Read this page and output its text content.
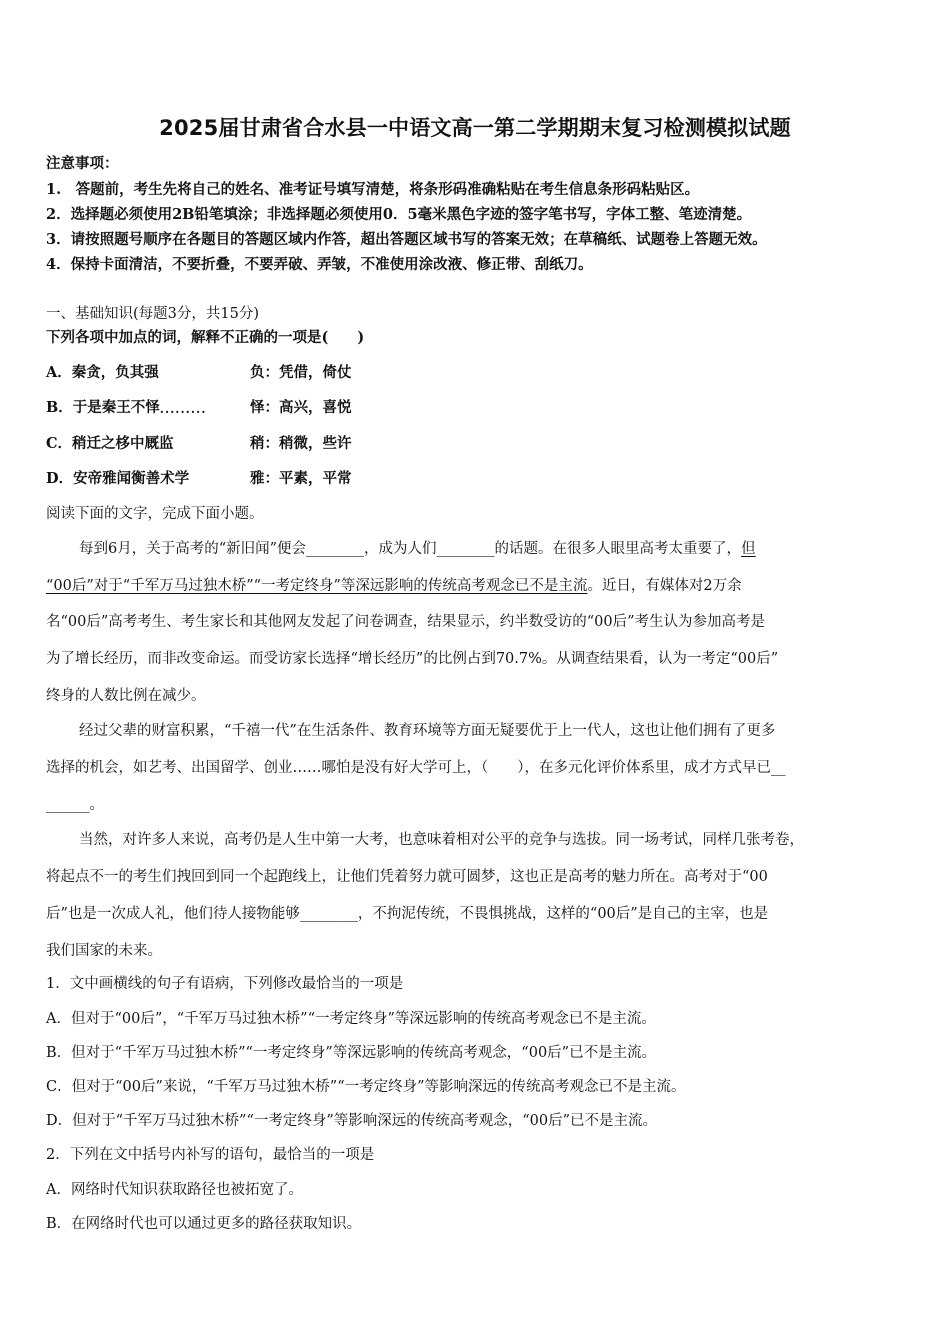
2025届甘肃省合水县一中语文高一第二学期期末复习检测模拟试题
注意事项：
1.　答题前，考生先将自己的姓名、准考证号填写清楚，将条形码准确粘贴在考生信息条形码粘贴区。
2．选择题必须使用2B铅笔填涂；非选择题必须使用0．5毫米黑色字迹的签字笔书写，字体工整、笔迹清楚。
3．请按照题号顺序在各题目的答题区域内作答，超出答题区域书写的答案无效；在草稿纸、试题卷上答题无效。
4．保持卡面清洁，不要折叠，不要弄破、弄皱，不准使用涂改液、修正带、刮纸刀。
一、基础知识(每题3分，共15分)
下列各项中加点的词，解释不正确的一项是(　　)
A．秦贪，负其强	负：凭借，倚仗
B．于是秦王不怿$_{\cdot\cdot\cdot\cdot\cdot\cdot\cdot\cdot\cdot}$	怿：高兴，喜悦
C．稍迁之栘中厩监	稍：稍微，些许
D．安帝雅闻衡善术学	雅：平素，平常
阅读下面的文字，完成下面小题。
每到6月，关于高考的“新旧闻”便会________，成为人们________的话题。在很多人眼里高考太重要了，但
“00后”对于“千军万马过独木桥”“一考定终身”等深远影响的传统高考观念已不是主流。近日，有媒体对2万余
名“00后”高考考生、考生家长和其他网友发起了问卷调查，结果显示，约半数受访的“00后”考生认为参加高考是
为了增长经历，而非改变命运。而受访家长选择“增长经历”的比例占到70.7%。从调查结果看，认为一考定“00后”
终身的人数比例在减少。
经过父辈的财富积累，“千禧一代”在生活条件、教育环境等方面无疑要优于上一代人，这也让他们拥有了更多
选择的机会，如艺考、出国留学、创业……哪怕是没有好大学可上，（　　），在多元化评价体系里，成才方式早已__
______。
当然，对许多人来说，高考仍是人生中第一大考，也意味着相对公平的竞争与选拔。同一场考试，同样几张考卷，
将起点不一的考生们拽回到同一个起跑线上，让他们凭着努力就可圆梦，这也正是高考的魅力所在。高考对于“00
后”也是一次成人礼，他们待人接物能够________，不拘泥传统，不畏惧挑战，这样的“00后”是自己的主宰，也是
我们国家的未来。
1．文中画横线的句子有语病，下列修改最恰当的一项是
A．但对于“00后”，“千军万马过独木桥”“一考定终身”等深远影响的传统高考观念已不是主流。
B．但对于“千军万马过独木桥”“一考定终身”等深远影响的传统高考观念，“00后”已不是主流。
C．但对于“00后”来说，“千军万马过独木桥”“一考定终身”等影响深远的传统高考观念已不是主流。
D．但对于“千军万马过独木桥”“一考定终身”等影响深远的传统高考观念，“00后”已不是主流。
2．下列在文中括号内补写的语句，最恰当的一项是
A．网络时代知识获取路径也被拓宽了。
B．在网络时代也可以通过更多的路径获取知识。
